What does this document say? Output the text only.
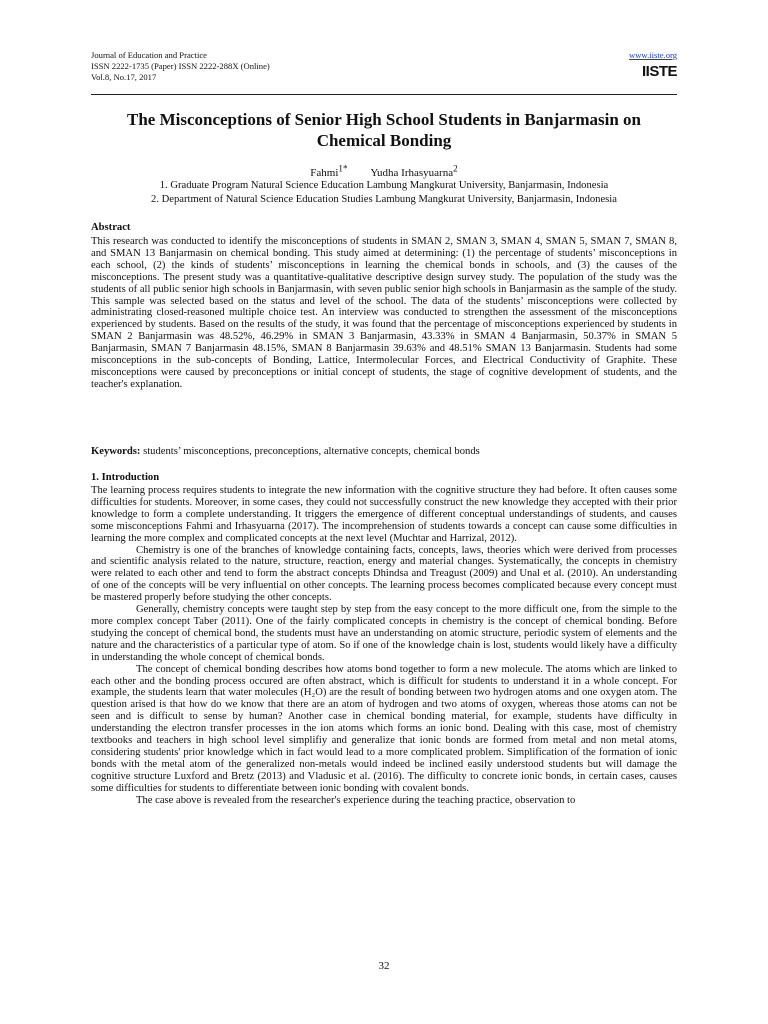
Journal of Education and Practice
ISSN 2222-1735 (Paper) ISSN 2222-288X (Online)
Vol.8, No.17, 2017
www.iiste.org
IISTE
The Misconceptions of Senior High School Students in Banjarmasin on Chemical Bonding
Fahmi$^{1*}$ Yudha Irhasyuarna$^2$
1. Graduate Program Natural Science Education Lambung Mangkurat University, Banjarmasin, Indonesia
2. Department of Natural Science Education Studies Lambung Mangkurat University, Banjarmasin, Indonesia
Abstract
This research was conducted to identify the misconceptions of students in SMAN 2, SMAN 3, SMAN 4, SMAN 5, SMAN 7, SMAN 8, and SMAN 13 Banjarmasin on chemical bonding. This study aimed at determining: (1) the percentage of students’ misconceptions in each school, (2) the kinds of students’ misconceptions in learning the chemical bonds in schools, and (3) the causes of the misconceptions. The present study was a quantitative-qualitative descriptive design survey study. The population of the study was the students of all public senior high schools in Banjarmasin, with seven public senior high schools in Banjarmasin as the sample of the study. This sample was selected based on the status and level of the school. The data of the students’ misconceptions were collected by administrating closed-reasoned multiple choice test. An interview was conducted to strengthen the assessment of the misconceptions experienced by students. Based on the results of the study, it was found that the percentage of misconceptions experienced by students in SMAN 2 Banjarmasin was 48.52%, 46.29% in SMAN 3 Banjarmasin, 43.33% in SMAN 4 Banjarmasin, 50.37% in SMAN 5 Banjarmasin, SMAN 7 Banjarmasin 48.15%, SMAN 8 Banjarmasin 39.63% and 48.51% SMAN 13 Banjarmasin. Students had some misconceptions in the sub-concepts of Bonding, Lattice, Intermolecular Forces, and Electrical Conductivity of Graphite. These misconceptions were caused by preconceptions or initial concept of students, the stage of cognitive development of students, and the teacher's explanation.
Keywords: students’ misconceptions, preconceptions, alternative concepts, chemical bonds
1. Introduction

The learning process requires students to integrate the new information with the cognitive structure they had before. It often causes some difficulties for students. Moreover, in some cases, they could not successfully construct the new knowledge they accepted with their prior knowledge to form a complete understanding. It triggers the emergence of different conceptual understandings of students, and causes some misconceptions Fahmi and Irhasyuarna (2017). The incomprehension of students towards a concept can cause some difficulties in learning the more complex and complicated concepts at the next level (Muchtar and Harrizal, 2012).

Chemistry is one of the branches of knowledge containing facts, concepts, laws, theories which were derived from processes and scientific analysis related to the nature, structure, reaction, energy and material changes. Systematically, the concepts in chemistry were related to each other and tend to form the abstract concepts Dhindsa and Treagust (2009) and Unal et al. (2010). An understanding of one of the concepts will be very influential on other concepts. The learning process becomes complicated because every concept must be mastered properly before studying the other concepts.

Generally, chemistry concepts were taught step by step from the easy concept to the more difficult one, from the simple to the more complex concept Taber (2011). One of the fairly complicated concepts in chemistry is the concept of chemical bonding. Before studying the concept of chemical bond, the students must have an understanding on atomic structure, periodic system of elements and the nature and the characteristics of a particular type of atom. So if one of the knowledge chain is lost, students would likely have a difficulty in understanding the whole concept of chemical bonds.

The concept of chemical bonding describes how atoms bond together to form a new molecule. The atoms which are linked to each other and the bonding process occured are often abstract, which is difficult for students to understand it in a whole concept. For example, the students learn that water molecules (H₂O) are the result of bonding between two hydrogen atoms and one oxygen atom. The question arised is that how do we know that there are an atom of hydrogen and two atoms of oxygen, whereas those atoms can not be seen and is difficult to sense by human? Another case in chemical bonding material, for example, students have difficulty in understanding the electron transfer processes in the ion atoms which forms an ionic bond. Dealing with this case, most of chemistry textbooks and teachers in high school level simplifiy and generalize that ionic bonds are formed from metal and non metal atoms, considering students' prior knowledge which in fact would lead to a more complicated problem. Simplification of the formation of ionic bonds with the metal atom of the generalized non-metals would indeed be inclined easily understood students but will damage the cognitive structure Luxford and Bretz (2013) and Vladusic et al. (2016). The difficulty to concrete ionic bonds, in certain cases, causes some difficulties for students to differentiate between ionic bonding with covalent bonds.

The case above is revealed from the researcher's experience during the teaching practice, observation to

32
